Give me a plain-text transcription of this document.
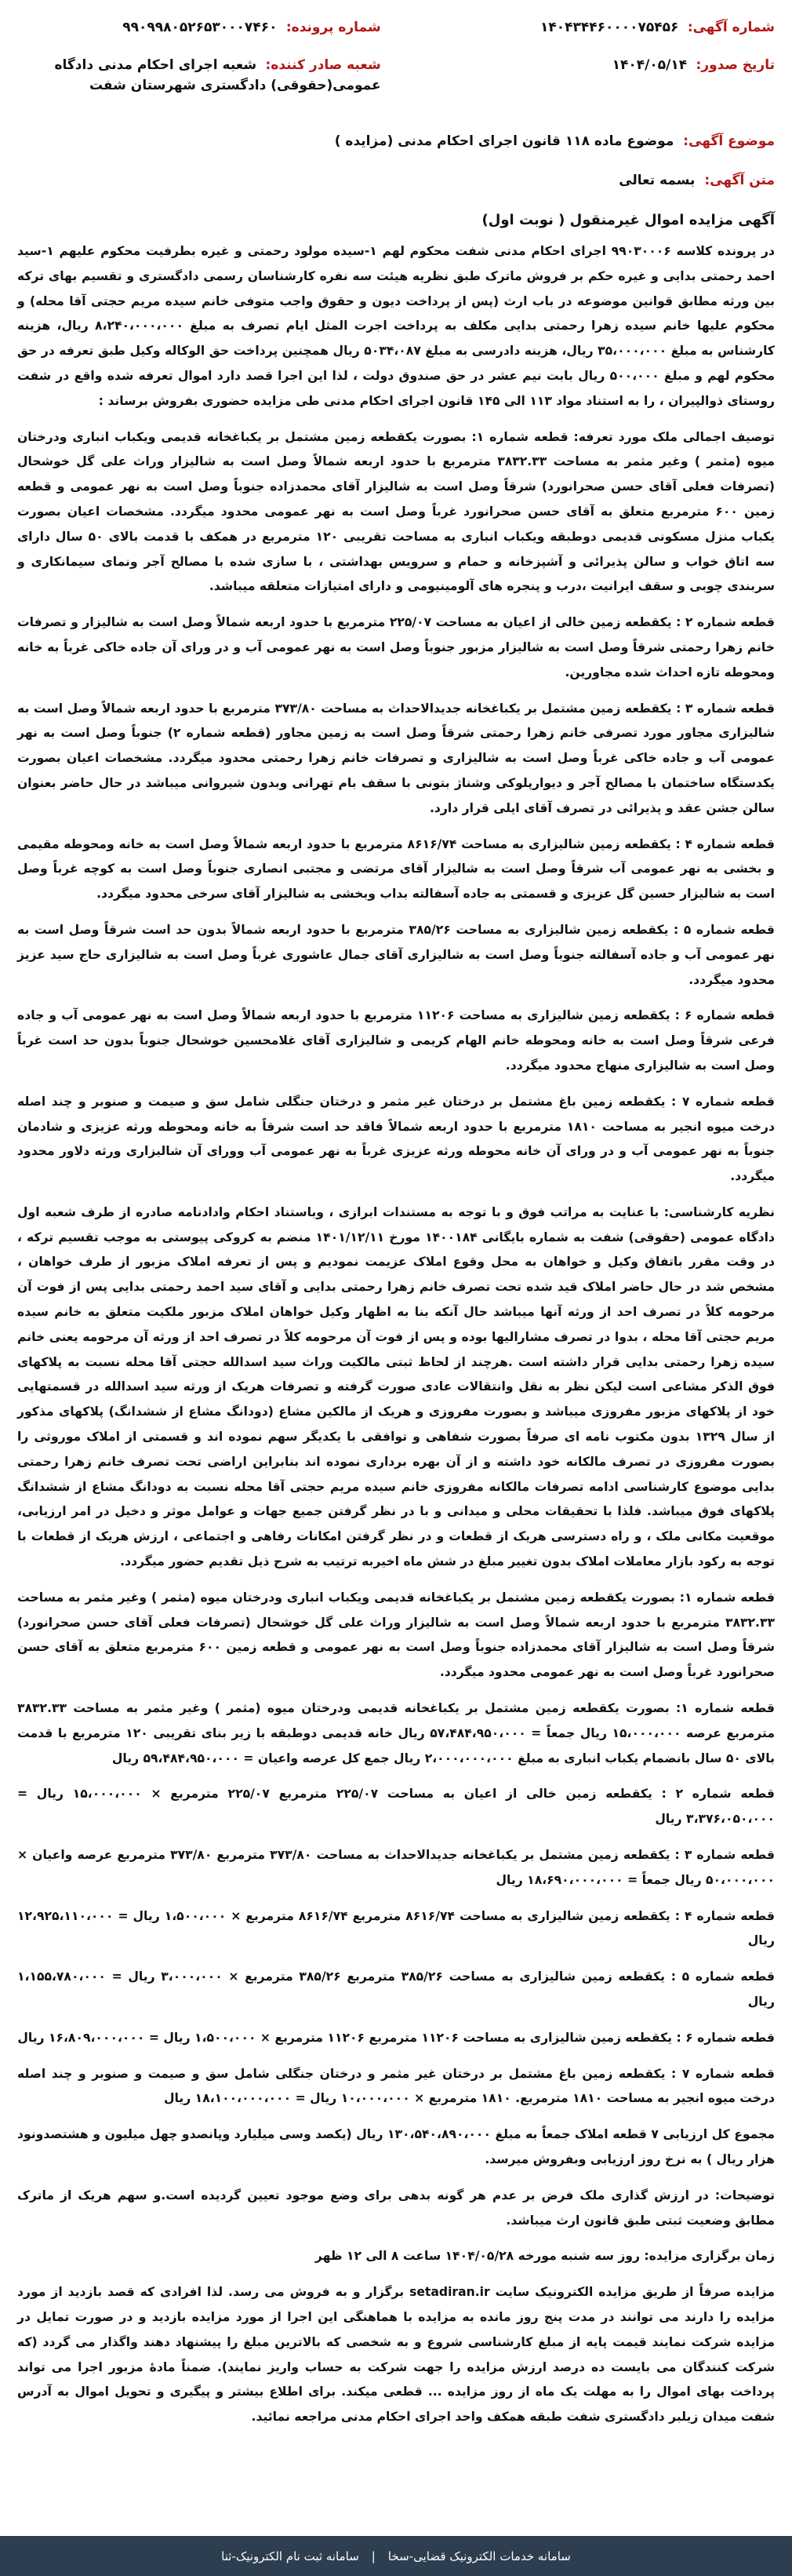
شماره آگهی: ۱۴۰۴۳۴۴۶۰۰۰۰۷۵۴۵۶
تاریخ صدور: ۱۴۰۴/۰۵/۱۴
شماره پرونده: ۹۹۰۹۹۸۰۵۲۶۵۳۰۰۰۷۴۶۰
شعبه صادر کننده: شعبه اجرای احکام مدنی دادگاه عمومی(حقوقی) دادگستری شهرستان شفت
موضوع آگهی: موضوع ماده ۱۱۸ قانون اجرای احکام مدنی (مزایده )
متن آگهی: بسمه تعالی
آگهی مزایده اموال غیرمنقول ( نوبت اول)

در پرونده کلاسه ۹۹۰۳۰۰۰۶ اجرای احکام مدنی شفت محکوم لهم ۱-سیده مولود رحمتی و غیره بطرفیت محکوم علیهم ۱-سید احمد رحمتی بدایی و غیره حکم بر فروش ماترک طبق نظریه هیئت سه نفره کارشناسان رسمی دادگستری و تقسیم بهای ترکه بین ورثه مطابق قوانین موضوعه در باب ارث (پس از پرداخت دیون و حقوق واجب متوفی خانم سیده مریم حجتی آقا محله) و محکوم علیها خانم سیده زهرا رحمتی بدایی مکلف به پرداخت اجرت المثل ایام تصرف به مبلغ ۸،۲۴۰،۰۰۰،۰۰۰ ریال، هزینه کارشناس به مبلغ ۳۵،۰۰۰،۰۰۰ ریال، هزینه دادرسی به مبلغ ۵۰۳۴،۰۸۷ ریال همچنین پرداخت حق الوکاله وکیل طبق تعرفه در حق محکوم لهم و مبلغ ۵۰۰،۰۰۰ ریال بابت نیم عشر در حق صندوق دولت ، لذا این اجرا قصد دارد اموال تعرفه شده واقع در شفت روستای ذوالپیران ، را به استناد مواد ۱۱۳ الی ۱۴۵ قانون اجرای احکام مدنی طی مزایده حضوری بفروش برساند :

توصیف اجمالی ملک مورد تعرفه: قطعه شماره ۱: بصورت یکقطعه زمین مشتمل بر یکباغخانه قدیمی ویکباب انباری ودرختان میوه (مثمر ) وغیر مثمر به مساحت ۳۸۳۲.۳۳ مترمربع با حدود اربعه شمالاً وصل است به شالیزار وراث علی گل خوشحال (تصرفات فعلی آقای حسن صحرانورد) شرقاً وصل است به شالیزار آقای محمدزاده جنوباً وصل است به نهر عمومی و قطعه زمین ۶۰۰ مترمربع متعلق به آقای حسن صحرانورد غرباً وصل است به نهر عمومی محدود میگردد. مشخصات اعیان بصورت یکباب منزل مسکونی قدیمی دوطبقه ویکباب انباری به مساحت تقریبی ۱۲۰ مترمربع در همکف با قدمت بالای ۵۰ سال دارای سه اتاق خواب و سالن پذیرائی و آشپزخانه و حمام و سرویس بهداشتی ، با سازی شده با مصالح آجر ونمای سیمانکاری و سربندی چوبی و سقف ایرانیت ،درب و پنجره های آلومینیومی و دارای امتیازات متعلقه میباشد.

قطعه شماره ۲ : یکقطعه زمین خالی از اعیان به مساحت ۲۲۵/۰۷ مترمربع با حدود اربعه شمالاً وصل است به شالیزار و تصرفات خانم زهرا رحمتی شرقاً وصل است به شالیزار مزبور جنوباً وصل است به نهر عمومی آب و در ورای آن جاده خاکی غرباً به خانه ومحوطه تازه احداث شده مجاورین.

قطعه شماره ۳ : یکقطعه زمین مشتمل بر یکباغخانه جدیدالاحداث به مساحت ۳۷۳/۸۰ مترمربع با حدود اربعه شمالاً وصل است به شالیزاری مجاور مورد تصرفی خانم زهرا رحمتی شرقاً وصل است به زمین مجاور (قطعه شماره ۲) جنوباً وصل است به نهر عمومی آب و جاده خاکی غرباً وصل است به شالیزاری و تصرفات خانم زهرا رحمتی محدود میگردد. مشخصات اعیان بصورت یکدستگاه ساختمان با مصالح آجر و دیوارپلوکی وشناژ بتونی با سقف بام تهرانی وبدون شیروانی میباشد در حال حاضر بعنوان سالن جشن عقد و پذیرائی در تصرف آقای ایلی قرار دارد.

قطعه شماره ۴ : یکقطعه زمین شالیزاری به مساحت ۸۶۱۶/۷۴ مترمربع با حدود اربعه شمالاً وصل است به خانه ومحوطه مقیمی و بخشی به نهر عمومی آب شرقاً وصل است به شالیزار آقای مرتضی و مجتبی انصاری جنوباً وصل است به کوچه غرباً وصل است به شالیزار حسین گل عزیزی و قسمتی به جاده آسفالته بداب وبخشی به شالیزار آقای سرخی محدود میگردد.

قطعه شماره ۵ : یکقطعه زمین شالیزاری به مساحت ۳۸۵/۲۶ مترمربع با حدود اربعه شمالاً بدون حد است شرقاً وصل است به نهر عمومی آب و جاده آسفالته جنوباً وصل است به شالیزاری آقای جمال عاشوری غرباً وصل است به شالیزاری حاج سید عزیز محدود میگردد.

قطعه شماره ۶ : یکقطعه زمین شالیزاری به مساحت ۱۱۲۰۶ مترمربع با حدود اربعه شمالاً وصل است به نهر عمومی آب و جاده فرعی شرقاً وصل است به خانه ومحوطه خانم الهام کریمی و شالیزاری آقای غلامحسین خوشحال جنوباً بدون حد است غرباً وصل است به شالیزاری منهاج محدود میگردد.

قطعه شماره ۷ : یکقطعه زمین باغ مشتمل بر درختان غیر مثمر و درختان جنگلی شامل سق و صیمت و صنوبر و چند اصله درخت میوه انجیر به مساحت ۱۸۱۰ مترمربع با حدود اربعه شمالاً فاقد حد است شرقاً به خانه ومحوطه ورثه عزیزی و شادمان جنوباً به نهر عمومی آب و در ورای آن خانه محوطه ورثه عزیزی غرباً به نهر عمومی آب وورای آن شالیزاری ورثه دلاور محدود میگردد.

نظریه کارشناسی: با عنایت به مراتب فوق و با توجه به مستندات ابرازی ، وباستناد احکام وادادنامه صادره از طرف شعبه اول دادگاه عمومی (حقوقی) شفت به شماره بایگانی ۱۴۰۰۱۸۴ مورخ ۱۴۰۱/۱۲/۱۱ منضم به کروکی پیوستی به موجب تقسیم ترکه ، در وقت مقرر باتفاق وکیل و خواهان به محل وقوع املاک عزیمت نمودیم و پس از تعرفه املاک مزبور از طرف خواهان ، مشخص شد در حال حاضر املاک قید شده تحت تصرف خانم زهرا رحمتی بدایی و آقای سید احمد رحمتی بدایی پس از فوت آن مرحومه کلاً در تصرف احد از ورثه آنها میباشد حال آنکه بنا به اظهار وکیل خواهان املاک مزبور ملکیت متعلق به خانم سیده مریم حجتی آقا محله ، بدوا در تصرف مشارالیها بوده و پس از فوت آن مرحومه کلاً در تصرف احد از ورثه آن مرحومه یعنی خانم سیده زهرا رحمتی بدایی قرار داشته است .هرچند از لحاظ ثبتی مالکیت وراث سید اسدالله حجتی آقا محله نسبت به پلاکهای فوق الذکر مشاعی است لیکن نظر به نقل وانتقالات عادی صورت گرفته و تصرفات هریک از ورثه سید اسدالله در قسمتهایی خود از پلاکهای مزبور مفروزی میباشد و بصورت مفروزی و هریک از مالکین مشاع (دودانگ مشاع از ششدانگ) پلاکهای مذکور از سال ۱۳۲۹ بدون مکتوب نامه ای صرفاً بصورت شفاهی و توافقی با یکدیگر سهم نموده اند و قسمتی از املاک موروثی را بصورت مفروزی در تصرف مالکانه خود داشته و از آن بهره برداری نموده اند بنابراین اراضی تحت تصرف خانم زهرا رحمتی بدایی موضوع کارشناسی ادامه تصرفات مالکانه مفروزی خانم سیده مریم حجتی آقا محله نسبت به دودانگ مشاع از ششدانگ پلاکهای فوق میباشد. فلذا با تحقیقات محلی و میدانی و با در نظر گرفتن جمیع جهات و عوامل موثر و دخیل در امر ارزیابی، موقعیت مکانی ملک ، و راه دسترسی هریک از قطعات و در نظر گرفتن امکانات رفاهی و اجتماعی ، ارزش هریک از قطعات با توجه به رکود بازار معاملات املاک بدون تغییر مبلغ در شش ماه اخیربه ترتیب به شرح ذیل تقدیم حضور میگردد.

قطعه شماره ۱: بصورت یکقطعه زمین مشتمل بر یکباغخانه قدیمی ویکباب انباری ودرختان میوه (مثمر ) وغیر مثمر به مساحت ۳۸۳۲.۳۳ مترمربع با حدود اربعه شمالاً وصل است به شالیزار وراث علی گل خوشحال (تصرفات فعلی آقای حسن صحرانورد) شرقاً وصل است به شالیزار آقای محمدزاده جنوباً وصل است به نهر عمومی و قطعه زمین ۶۰۰ مترمربع متعلق به آقای حسن صحرانورد غرباً وصل است به نهر عمومی محدود میگردد.

قطعه شماره ۱: بصورت یکقطعه زمین مشتمل بر یکباغخانه قدیمی ودرختان میوه (مثمر ) وغیر مثمر به مساحت ۳۸۳۲.۳۳ مترمربع عرصه ۱۵،۰۰۰،۰۰۰ ریال جمعاً = ۵۷،۴۸۴،۹۵۰،۰۰۰ ریال خانه قدیمی دوطبقه با زیر بنای تقریبی ۱۲۰ مترمربع با قدمت بالای ۵۰ سال بانضمام یکباب انباری به مبلغ ۲،۰۰۰،۰۰۰،۰۰۰ ریال جمع کل عرصه واعیان = ۵۹،۴۸۴،۹۵۰،۰۰۰ ریال

قطعه شماره ۲ : یکقطعه زمین خالی از اعیان به مساحت ۲۲۵/۰۷ مترمربع ۲۲۵/۰۷ مترمربع × ۱۵،۰۰۰،۰۰۰ ریال = ۳،۳۷۶،۰۵۰،۰۰۰ ریال

قطعه شماره ۳ : یکقطعه زمین مشتمل بر یکباغخانه جدیدالاحداث به مساحت ۳۷۳/۸۰ مترمربع ۳۷۳/۸۰ مترمربع عرصه واعیان × ۵۰،۰۰۰،۰۰۰ ریال جمعاً = ۱۸،۶۹۰،۰۰۰،۰۰۰ ریال

قطعه شماره ۴ : یکقطعه زمین شالیزاری به مساحت ۸۶۱۶/۷۴ مترمربع ۸۶۱۶/۷۴ مترمربع × ۱،۵۰۰،۰۰۰ ریال = ۱۲،۹۲۵،۱۱۰،۰۰۰ ریال

قطعه شماره ۵ : یکقطعه زمین شالیزاری به مساحت ۳۸۵/۲۶ مترمربع ۳۸۵/۲۶ مترمربع × ۳،۰۰۰،۰۰۰ ریال = ۱،۱۵۵،۷۸۰،۰۰۰ ریال

قطعه شماره ۶ : یکقطعه زمین شالیزاری به مساحت ۱۱۲۰۶ مترمربع ۱۱۲۰۶ مترمربع × ۱،۵۰۰،۰۰۰ ریال = ۱۶،۸۰۹،۰۰۰،۰۰۰ ریال

قطعه شماره ۷ : یکقطعه زمین باغ مشتمل بر درختان غیر مثمر و درختان جنگلی شامل سق و صیمت و صنوبر و چند اصله درخت میوه انجیر به مساحت ۱۸۱۰ مترمربع. ۱۸۱۰ مترمربع × ۱۰،۰۰۰،۰۰۰ ریال = ۱۸،۱۰۰،۰۰۰،۰۰۰ ریال

مجموع کل ارزیابی ۷ قطعه املاک جمعاً به مبلغ ۱۳۰،۵۴۰،۸۹۰،۰۰۰ ریال (یکصد وسی میلیارد وپانصدو چهل میلیون و هشتصدونود هزار ریال ) به نرخ روز ارزیابی وبفروش میرسد.

توضیحات: در ارزش گذاری ملک فرض بر عدم هر گونه بدهی برای وضع موجود تعیین گردیده است.و سهم هریک از ماترک مطابق وضعیت ثبتی طبق قانون ارث میباشد.

زمان برگزاری مزایده: روز سه شنبه مورخه ۱۴۰۴/۰۵/۲۸ ساعت ۸ الی ۱۲ ظهر

مزایده صرفاً از طریق مزایده الکترونیک سایت setadiran.ir برگزار و به فروش می رسد. لذا افرادی که قصد بازدید از مورد مزایده را دارند می توانند در مدت پنج روز مانده به مزایده با هماهنگی این اجرا از مورد مزایده بازدید و در صورت تمایل در مزایده شرکت نمایند قیمت پایه از مبلغ کارشناسی شروع و به شخصی که بالاترین مبلغ را پیشنهاد دهند واگذار می گردد (که شرکت کنندگان می بایست ده درصد ارزش مزایده را جهت شرکت به حساب واریز نمایند). ضمناً مادهٔ مزبور اجرا می تواند پرداخت بهای اموال را به مهلت یک ماه از روز مزایده ... قطعی میکند. برای اطلاع بیشتر و پیگیری و تحویل اموال به آدرس شفت میدان زیلبر دادگستری شفت طبقه همکف واحد اجرای احکام مدنی مراجعه نمائید.

سامانه خدمات الکترونیک قضایی-سخا
|
سامانه ثبت نام الکترونیک-ثنا
